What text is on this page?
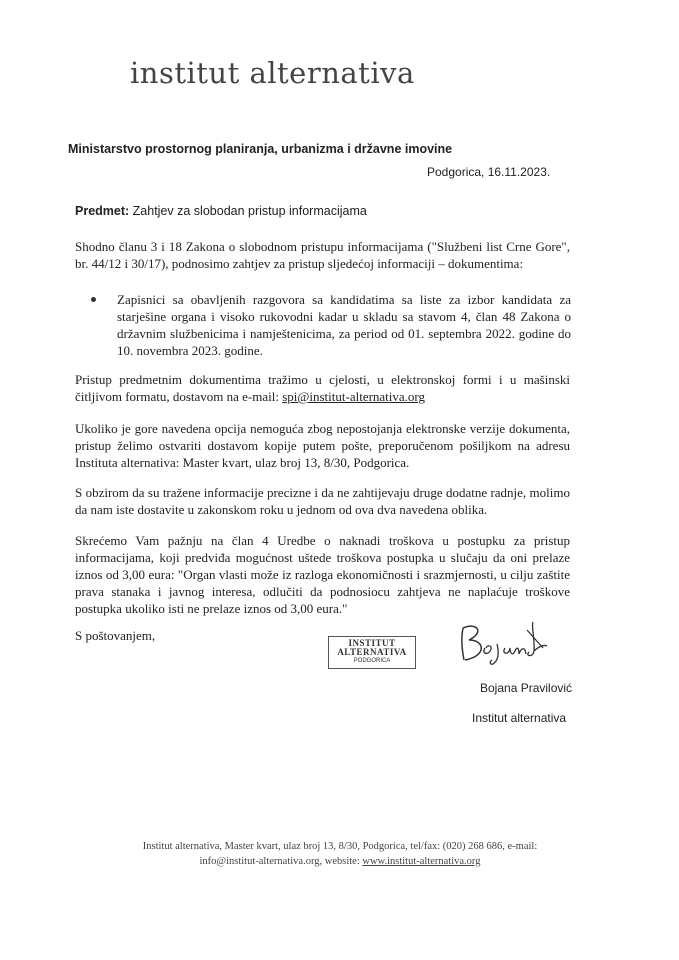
institut alternativa
Ministarstvo prostornog planiranja, urbanizma i državne imovine
Podgorica, 16.11.2023.
Predmet: Zahtjev za slobodan pristup informacijama
Shodno članu 3 i 18 Zakona o slobodnom pristupu informacijama ("Službeni list Crne Gore", br. 44/12 i 30/17), podnosimo zahtjev za pristup sljedećoj informaciji – dokumentima:
Zapisnici sa obavljenih razgovora sa kandidatima sa liste za izbor kandidata za starješine organa i visoko rukovodni kadar u skladu sa stavom 4, član 48 Zakona o državnim službenicima i namještenicima, za period od 01. septembra 2022. godine do 10. novembra 2023. godine.
Pristup predmetnim dokumentima tražimo u cjelosti, u elektronskoj formi i u mašinski čitljivom formatu, dostavom na e-mail: spi@institut-alternativa.org
Ukoliko je gore navedena opcija nemoguća zbog nepostojanja elektronske verzije dokumenta, pristup želimo ostvariti dostavom kopije putem pošte, preporučenom pošiljkom na adresu Instituta alternativa: Master kvart, ulaz broj 13, 8/30, Podgorica.
S obzirom da su tražene informacije precizne i da ne zahtijevaju druge dodatne radnje, molimo da nam iste dostavite u zakonskom roku u jednom od ova dva navedena oblika.
Skrećemo Vam pažnju na član 4 Uredbe o naknadi troškova u postupku za pristup informacijama, koji predviđa mogućnost uštede troškova postupka u slučaju da oni prelaze iznos od 3,00 eura: "Organ vlasti može iz razloga ekonomičnosti i srazmjernosti, u cilju zaštite prava stanaka i javnog interesa, odlučiti da podnosiocu zahtjeva ne naplaćuje troškove postupka ukoliko isti ne prelaze iznos od 3,00 eura."
S poštovanjem,	INSTITUT
ALTERNATIVA
PODGORICA
Bojana Pravilović
Institut alternativa
Institut alternativa, Master kvart, ulaz broj 13, 8/30, Podgorica, tel/fax: (020) 268 686, e-mail:
info@institut-alternativa.org, website: www.institut-alternativa.org
